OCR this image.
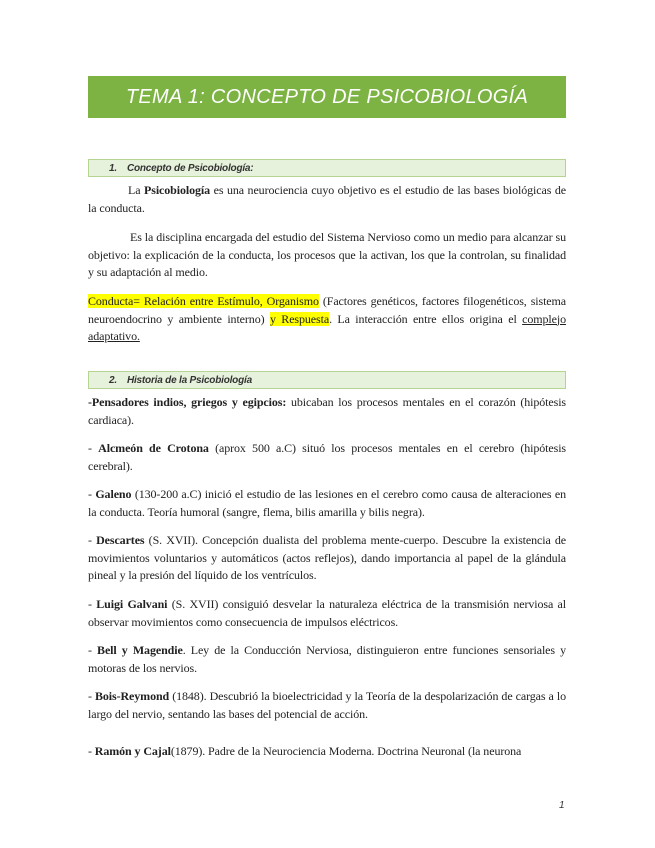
TEMA 1: CONCEPTO DE PSICOBIOLOGÍA
1. Concepto de Psicobiología:
La Psicobiología es una neurociencia cuyo objetivo es el estudio de las bases biológicas de la conducta.
Es la disciplina encargada del estudio del Sistema Nervioso como un medio para alcanzar su objetivo: la explicación de la conducta, los procesos que la activan, los que la controlan, su finalidad y su adaptación al medio.
Conducta= Relación entre Estímulo, Organismo (Factores genéticos, factores filogenéticos, sistema neuroendocrino y ambiente interno) y Respuesta. La interacción entre ellos origina el complejo adaptativo.
2. Historia de la Psicobiología
-Pensadores indios, griegos y egipcios: ubicaban los procesos mentales en el corazón (hipótesis cardiaca).
- Alcmeón de Crotona (aprox 500 a.C) situó los procesos mentales en el cerebro (hipótesis cerebral).
- Galeno (130-200 a.C) inició el estudio de las lesiones en el cerebro como causa de alteraciones en la conducta. Teoría humoral (sangre, flema, bilis amarilla y bilis negra).
- Descartes (S. XVII). Concepción dualista del problema mente-cuerpo. Descubre la existencia de movimientos voluntarios y automáticos (actos reflejos), dando importancia al papel de la glándula pineal y la presión del líquido de los ventrículos.
- Luigi Galvani (S. XVII) consiguió desvelar la naturaleza eléctrica de la transmisión nerviosa al observar movimientos como consecuencia de impulsos eléctricos.
- Bell y Magendie. Ley de la Conducción Nerviosa, distinguieron entre funciones sensoriales y motoras de los nervios.
- Bois-Reymond (1848). Descubrió la bioelectricidad y la Teoría de la despolarización de cargas a lo largo del nervio, sentando las bases del potencial de acción.
- Ramón y Cajal(1879). Padre de la Neurociencia Moderna. Doctrina Neuronal (la neurona
1
